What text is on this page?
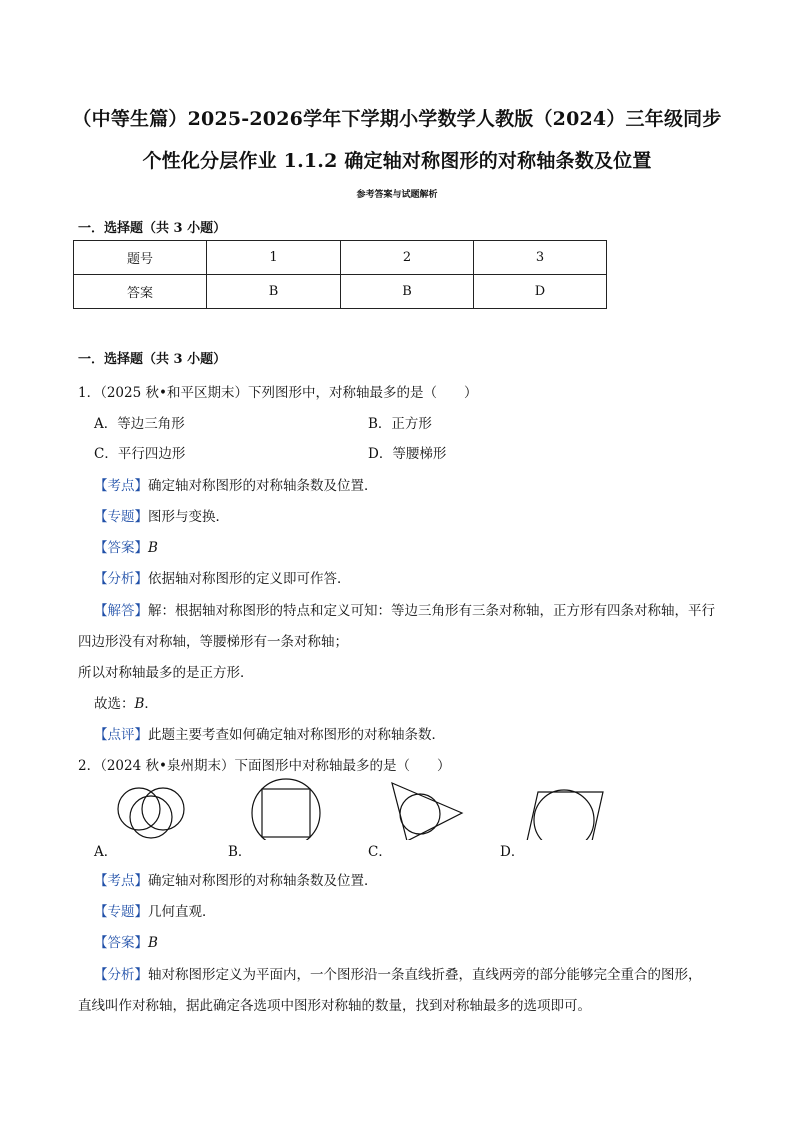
（中等生篇）2025-2026学年下学期小学数学人教版（2024）三年级同步
个性化分层作业 1.1.2 确定轴对称图形的对称轴条数及位置
参考答案与试题解析
一．选择题（共 3 小题）
题号	1	2	3
答案	B	B	D
一．选择题（共 3 小题）
1．（2025 秋•和平区期末）下列图形中，对称轴最多的是（　　）
A．等边三角形	B．正方形
C．平行四边形	D．等腰梯形
【考点】确定轴对称图形的对称轴条数及位置．
【专题】图形与变换．
【答案】B
【分析】依据轴对称图形的定义即可作答．
【解答】解：根据轴对称图形的特点和定义可知：等边三角形有三条对称轴，正方形有四条对称轴，平行
四边形没有对称轴，等腰梯形有一条对称轴；
所以对称轴最多的是正方形．
故选：B．
【点评】此题主要考查如何确定轴对称图形的对称轴条数．
2．（2024 秋•泉州期末）下面图形中对称轴最多的是（　　）
A．	B．	C．	D．
【考点】确定轴对称图形的对称轴条数及位置．
【专题】几何直观．
【答案】B
【分析】轴对称图形定义为平面内，一个图形沿一条直线折叠，直线两旁的部分能够完全重合的图形，
直线叫作对称轴，据此确定各选项中图形对称轴的数量，找到对称轴最多的选项即可。
